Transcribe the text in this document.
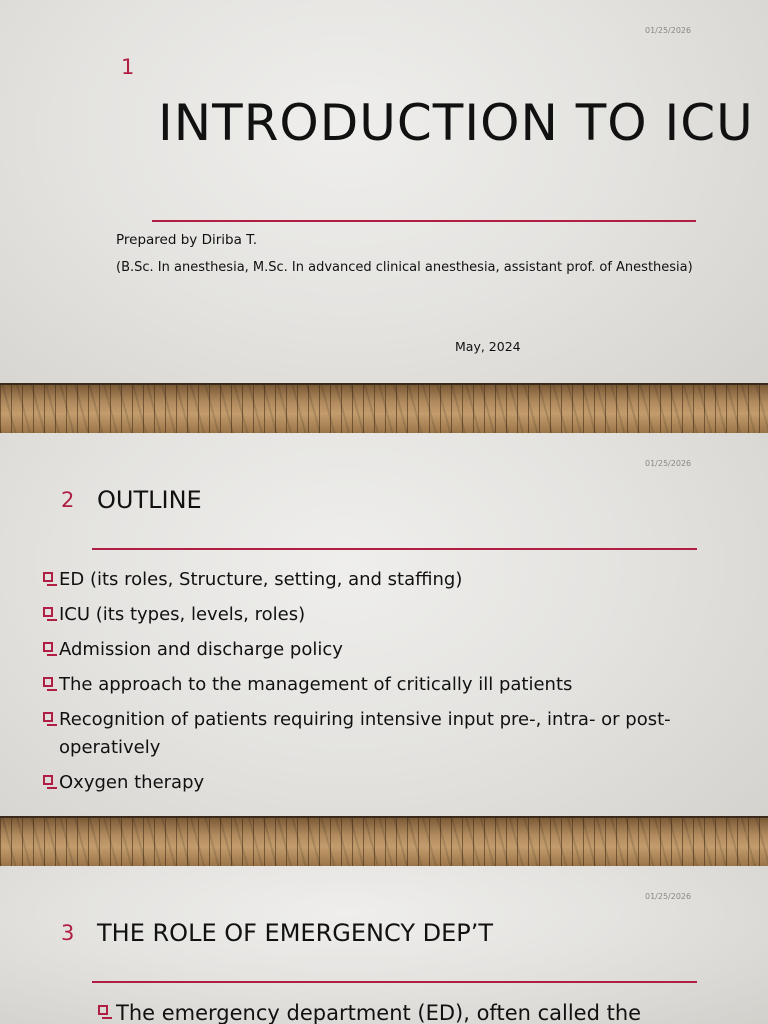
01/25/2026
1
INTRODUCTION TO ICU
Prepared by Diriba T.
(B.Sc. In anesthesia, M.Sc. In advanced clinical anesthesia, assistant prof. of Anesthesia)
May, 2024
01/25/2026
2 OUTLINE
ED (its roles, Structure, setting, and staffing)
ICU (its types, levels, roles)
Admission and discharge policy
The approach to the management of critically ill patients
Recognition of patients requiring intensive input pre-, intra- or post-operatively
Oxygen therapy
01/25/2026
3 THE ROLE OF EMERGENCY DEP’T
The emergency department (ED), often called the
